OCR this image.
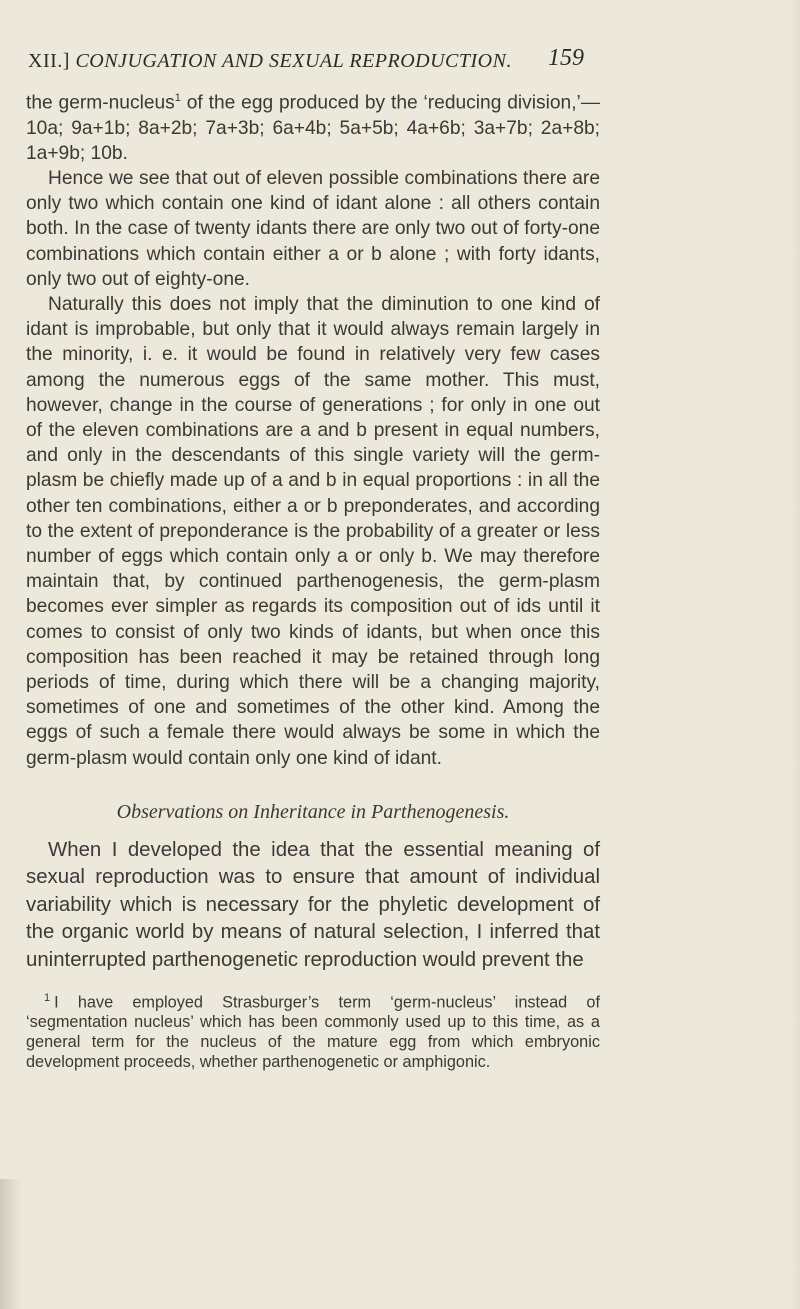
XII.] CONJUGATION AND SEXUAL REPRODUCTION.	159

the germ-nucleus$^1$ of the egg produced by the ‘reducing division,’—10a; 9a+1b; 8a+2b; 7a+3b; 6a+4b; 5a+5b; 4a+6b; 3a+7b; 2a+8b; 1a+9b; 10b.

Hence we see that out of eleven possible combinations there are only two which contain one kind of idant alone : all others contain both. In the case of twenty idants there are only two out of forty-one combinations which contain either a or b alone ; with forty idants, only two out of eighty-one.

Naturally this does not imply that the diminution to one kind of idant is improbable, but only that it would always remain largely in the minority, i. e. it would be found in relatively very few cases among the numerous eggs of the same mother. This must, however, change in the course of generations ; for only in one out of the eleven combinations are a and b present in equal numbers, and only in the descendants of this single variety will the germ-plasm be chiefly made up of a and b in equal proportions : in all the other ten combinations, either a or b preponderates, and according to the extent of preponderance is the probability of a greater or less number of eggs which contain only a or only b. We may therefore maintain that, by continued parthenogenesis, the germ-plasm becomes ever simpler as regards its composition out of ids until it comes to consist of only two kinds of idants, but when once this composition has been reached it may be retained through long periods of time, during which there will be a changing majority, sometimes of one and sometimes of the other kind. Among the eggs of such a female there would always be some in which the germ-plasm would contain only one kind of idant.

Observations on Inheritance in Parthenogenesis.

When I developed the idea that the essential meaning of sexual reproduction was to ensure that amount of individual variability which is necessary for the phyletic development of the organic world by means of natural selection, I inferred that uninterrupted parthenogenetic reproduction would prevent the

$^1$ I have employed Strasburger’s term ‘germ-nucleus’ instead of ‘segmentation nucleus’ which has been commonly used up to this time, as a general term for the nucleus of the mature egg from which embryonic development proceeds, whether parthenogenetic or amphigonic.
